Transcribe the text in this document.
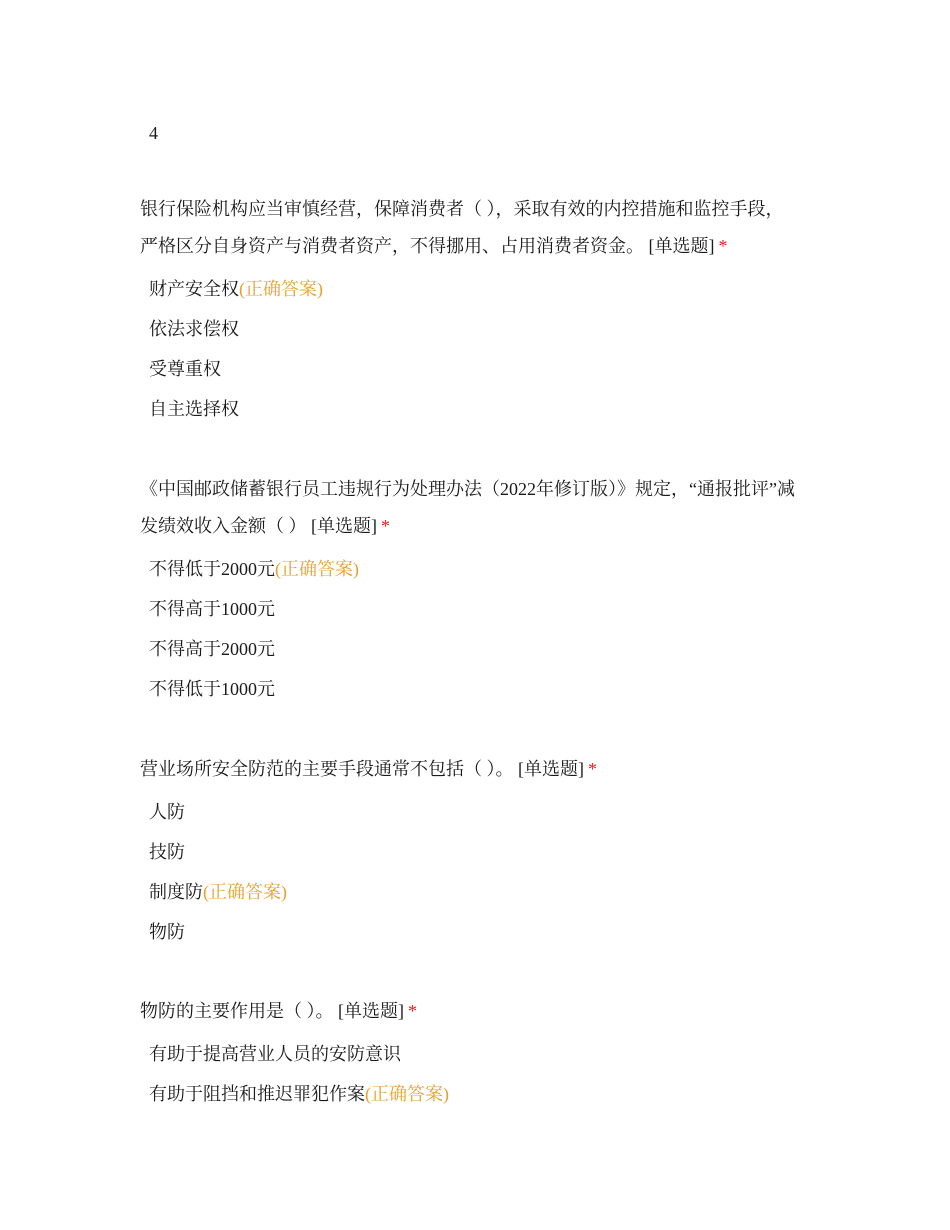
4

银行保险机构应当审慎经营，保障消费者（ ），采取有效的内控措施和监控手段，严格区分自身资产与消费者资产，不得挪用、占用消费者资金。 [单选题] *

财产安全权(正确答案)
依法求偿权
受尊重权
自主选择权

《中国邮政储蓄银行员工违规行为处理办法（2022年修订版）》规定，“通报批评”减发绩效收入金额（ ） [单选题] *

不得低于2000元(正确答案)
不得高于1000元
不得高于2000元
不得低于1000元

营业场所安全防范的主要手段通常不包括（ ）。 [单选题] *

人防
技防
制度防(正确答案)
物防

物防的主要作用是（ ）。 [单选题] *

有助于提高营业人员的安防意识
有助于阻挡和推迟罪犯作案(正确答案)
